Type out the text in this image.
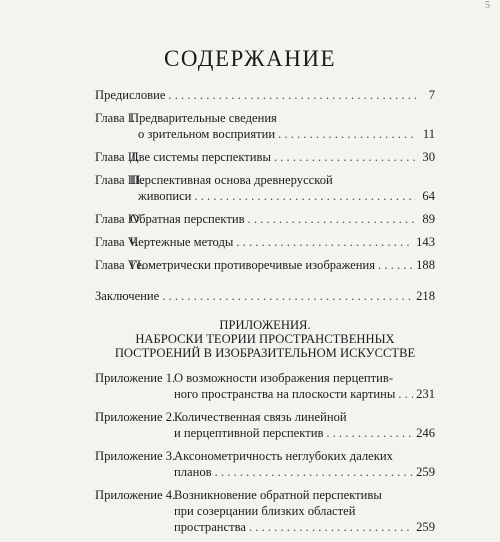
5
СОДЕРЖАНИЕ
Предисловие . . .	7
Глава I.
Предварительные сведения
о зрительном восприятии . . .	11
Глава II.
Две системы перспективы . . .	30
Глава III.
Перспективная основа древнерусской
живописи . . .	64
Глава IV.
Обратная перспектив . . .	89
Глава V.
Чертежные методы . . .	143
Глава VI.
Геометрически противоречивые изображения . . .	188
Заключение . . .	218
ПРИЛОЖЕНИЯ.
НАБРОСКИ ТЕОРИИ ПРОСТРАНСТВЕННЫХ
ПОСТРОЕНИЙ В ИЗОБРАЗИТЕЛЬНОМ ИСКУССТВЕ
Приложение 1.
О возможности изображения перцептив-
ного пространства на плоскости картины . . . 231
Приложение 2.
Количественная связь линейной
и перцептивной перспектив . . .	246
Приложение 3.
Аксонометричность неглубоких далеких
планов . . .	259
Приложение 4.
Возникновение обратной перспективы
при созерцании близких областей
пространства . . .	259
